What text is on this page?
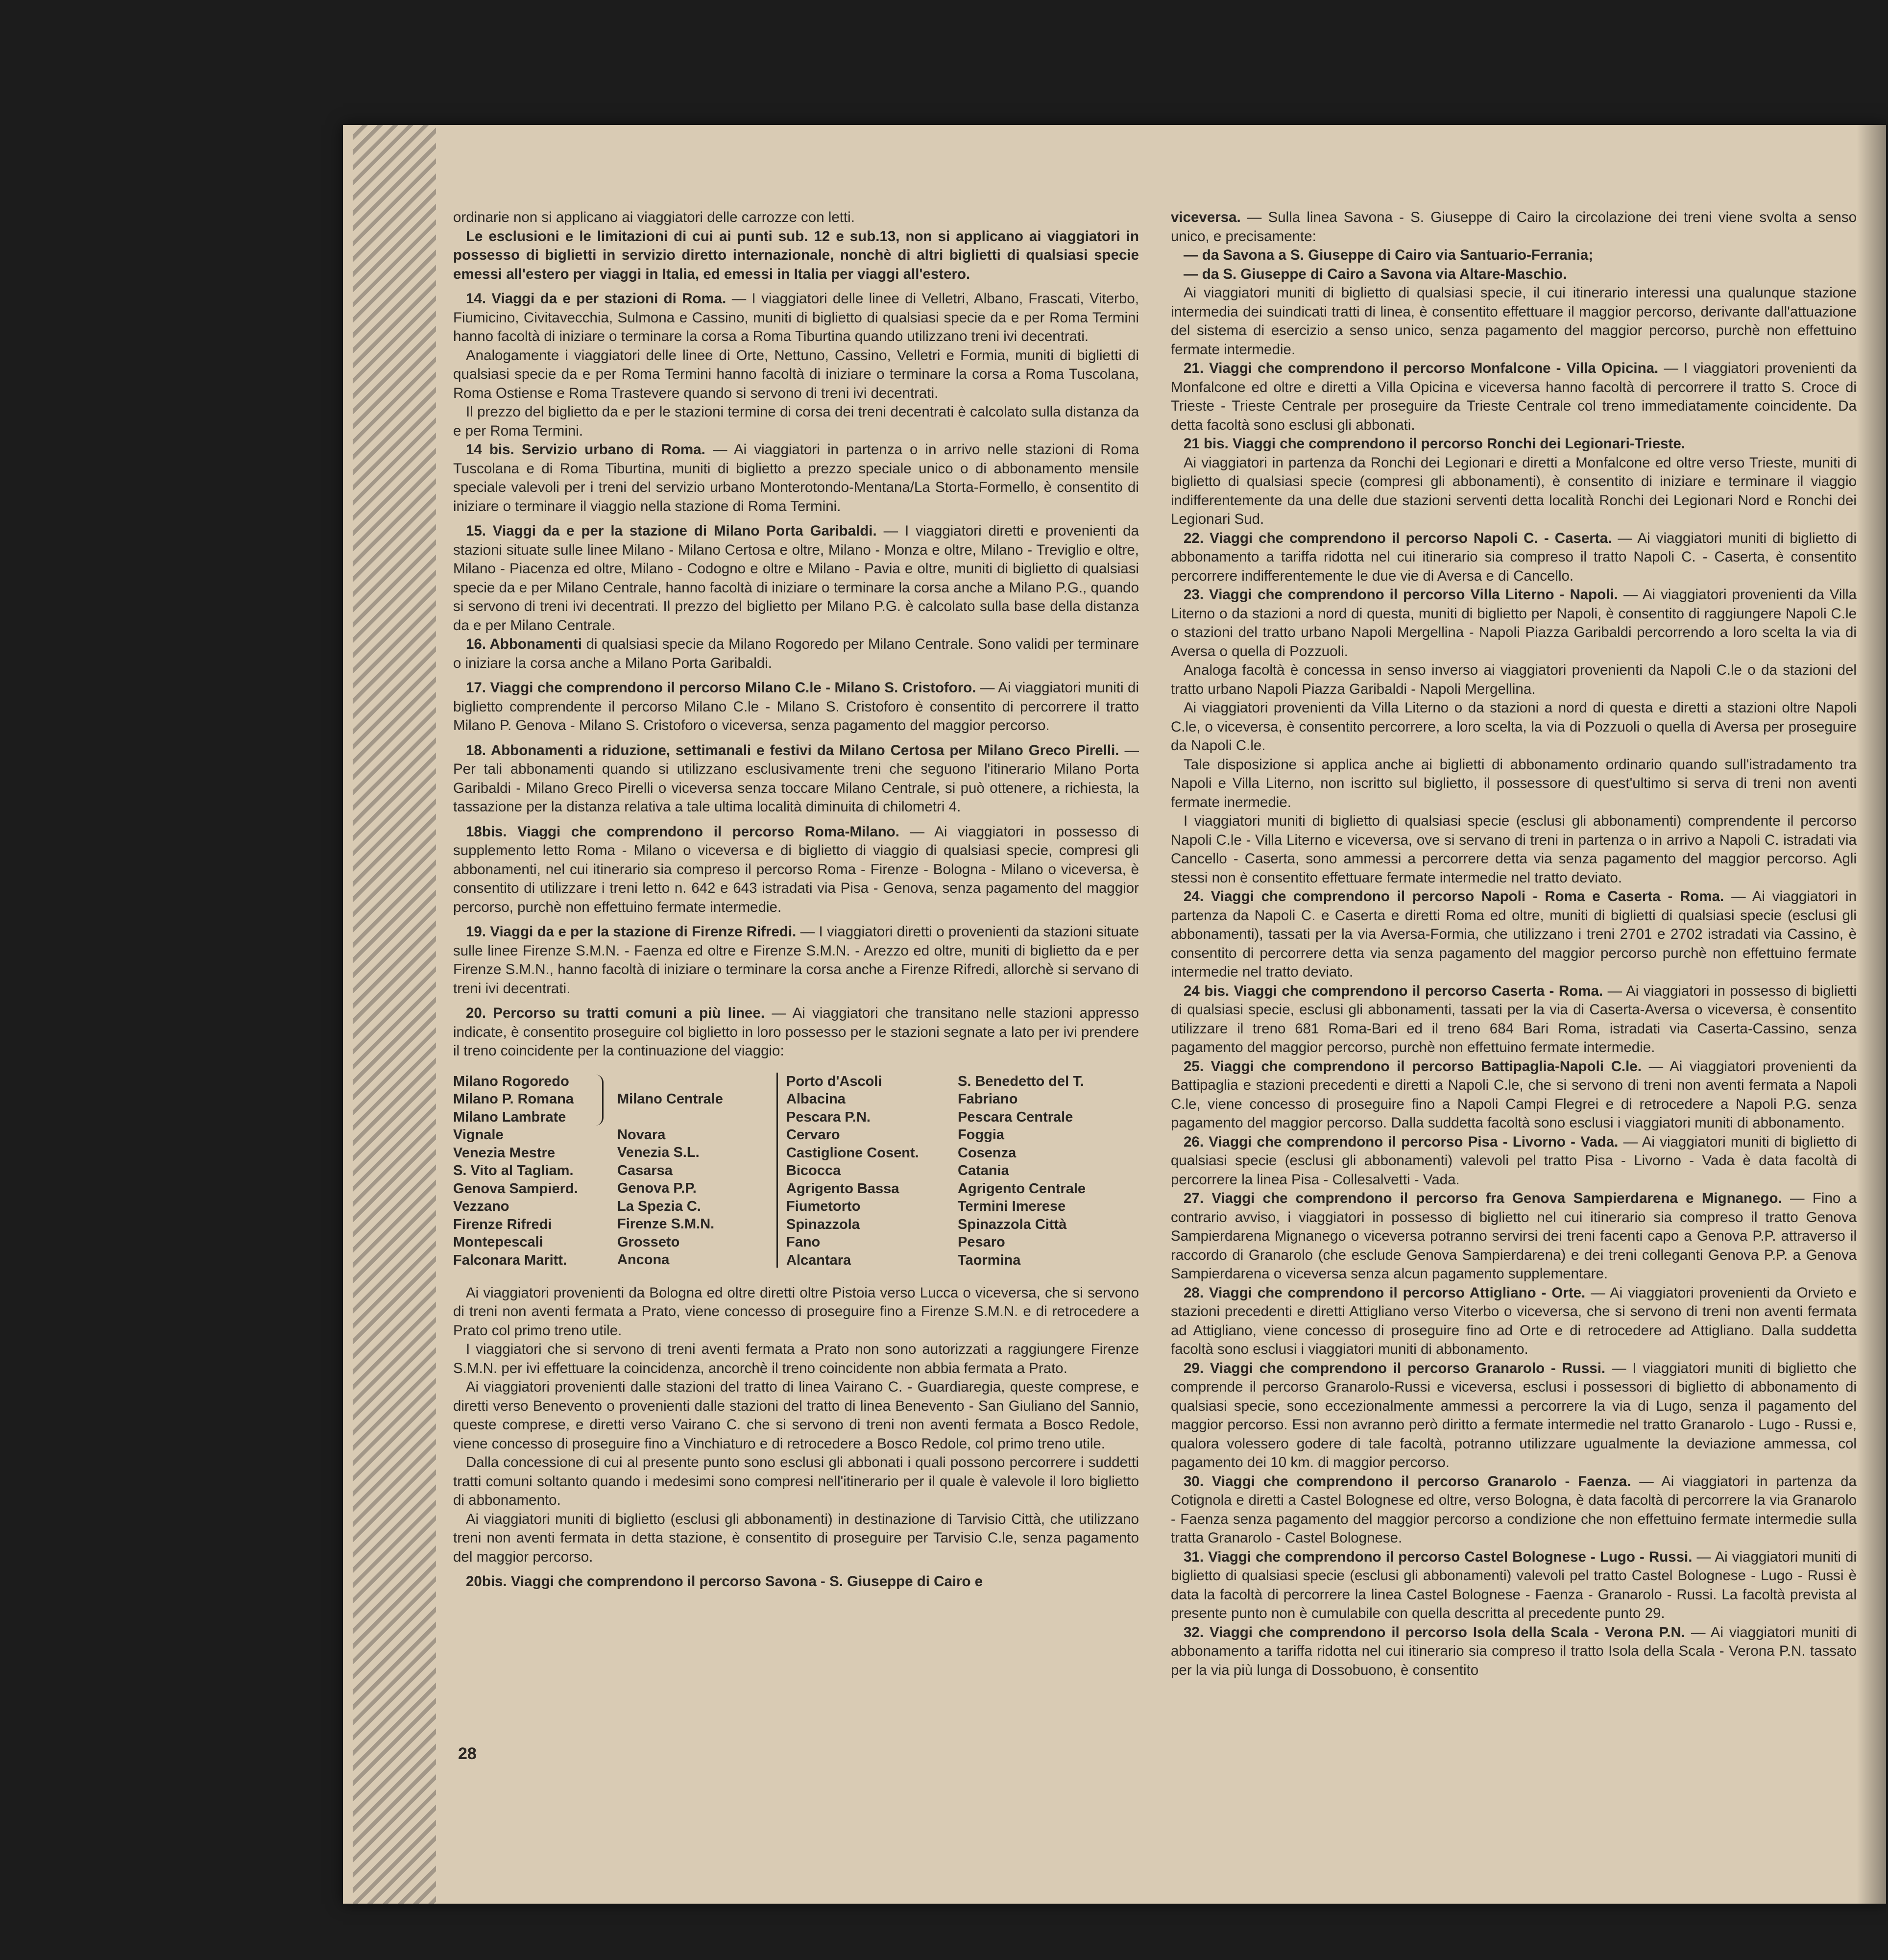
ordinarie non si applicano ai viaggiatori delle carrozze con letti.

Le esclusioni e le limitazioni di cui ai punti sub. 12 e sub.13, non si applicano ai viaggiatori in possesso di biglietti in servizio diretto internazionale, nonchè di altri biglietti di qualsiasi specie emessi all'estero per viaggi in Italia, ed emessi in Italia per viaggi all'estero.

14. Viaggi da e per stazioni di Roma. — I viaggiatori delle linee di Velletri, Albano, Frascati, Viterbo, Fiumicino, Civitavecchia, Sulmona e Cassino, muniti di biglietto di qualsiasi specie da e per Roma Termini hanno facoltà di iniziare o terminare la corsa a Roma Tiburtina quando utilizzano treni ivi decentrati.

Analogamente i viaggiatori delle linee di Orte, Nettuno, Cassino, Velletri e Formia, muniti di biglietti di qualsiasi specie da e per Roma Termini hanno facoltà di iniziare o terminare la corsa a Roma Tuscolana, Roma Ostiense e Roma Trastevere quando si servono di treni ivi decentrati.

Il prezzo del biglietto da e per le stazioni termine di corsa dei treni decentrati è calcolato sulla distanza da e per Roma Termini.

14 bis. Servizio urbano di Roma. — Ai viaggiatori in partenza o in arrivo nelle stazioni di Roma Tuscolana e di Roma Tiburtina, muniti di biglietto a prezzo speciale unico o di abbonamento mensile speciale valevoli per i treni del servizio urbano Monterotondo-Mentana/La Storta-Formello, è consentito di iniziare o terminare il viaggio nella stazione di Roma Termini.

15. Viaggi da e per la stazione di Milano Porta Garibaldi. — I viaggiatori diretti e provenienti da stazioni situate sulle linee Milano - Milano Certosa e oltre, Milano - Monza e oltre, Milano - Treviglio e oltre, Milano - Piacenza ed oltre, Milano - Codogno e oltre e Milano - Pavia e oltre, muniti di biglietto di qualsiasi specie da e per Milano Centrale, hanno facoltà di iniziare o terminare la corsa anche a Milano P.G., quando si servono di treni ivi decentrati. Il prezzo del biglietto per Milano P.G. è calcolato sulla base della distanza da e per Milano Centrale.

16. Abbonamenti di qualsiasi specie da Milano Rogoredo per Milano Centrale. Sono validi per terminare o iniziare la corsa anche a Milano Porta Garibaldi.

17. Viaggi che comprendono il percorso Milano C.le - Milano S. Cristoforo. — Ai viaggiatori muniti di biglietto comprendente il percorso Milano C.le - Milano S. Cristoforo è consentito di percorrere il tratto Milano P. Genova - Milano S. Cristoforo o viceversa, senza pagamento del maggior percorso.

18. Abbonamenti a riduzione, settimanali e festivi da Milano Certosa per Milano Greco Pirelli. — Per tali abbonamenti quando si utilizzano esclusivamente treni che seguono l'itinerario Milano Porta Garibaldi - Milano Greco Pirelli o viceversa senza toccare Milano Centrale, si può ottenere, a richiesta, la tassazione per la distanza relativa a tale ultima località diminuita di chilometri 4.

18bis. Viaggi che comprendono il percorso Roma-Milano. — Ai viaggiatori in possesso di supplemento letto Roma - Milano o viceversa e di biglietto di viaggio di qualsiasi specie, compresi gli abbonamenti, nel cui itinerario sia compreso il percorso Roma - Firenze - Bologna - Milano o viceversa, è consentito di utilizzare i treni letto n. 642 e 643 istradati via Pisa - Genova, senza pagamento del maggior percorso, purchè non effettuino fermate intermedie.

19. Viaggi da e per la stazione di Firenze Rifredi. — I viaggiatori diretti o provenienti da stazioni situate sulle linee Firenze S.M.N. - Faenza ed oltre e Firenze S.M.N. - Arezzo ed oltre, muniti di biglietto da e per Firenze S.M.N., hanno facoltà di iniziare o terminare la corsa anche a Firenze Rifredi, allorchè si servano di treni ivi decentrati.

20. Percorso su tratti comuni a più linee. — Ai viaggiatori che transitano nelle stazioni appresso indicate, è consentito proseguire col biglietto in loro possesso per le stazioni segnate a lato per ivi prendere il treno coincidente per la continuazione del viaggio:

Milano Rogoredo
Milano P. Romana
Milano Lambrate
Vignale
Venezia Mestre
S. Vito al Tagliam.
Genova Sampierd.
Vezzano
Firenze Rifredi
Montepescali
Falconara Maritt.
Milano Centrale
Novara
Venezia S.L.
Casarsa
Genova P.P.
La Spezia C.
Firenze S.M.N.
Grosseto
Ancona
Porto d'Ascoli
Albacina
Pescara P.N.
Cervaro
Castiglione Cosent.
Bicocca
Agrigento Bassa
Fiumetorto
Spinazzola
Fano
Alcantara
S. Benedetto del T.
Fabriano
Pescara Centrale
Foggia
Cosenza
Catania
Agrigento Centrale
Termini Imerese
Spinazzola Città
Pesaro
Taormina

Ai viaggiatori provenienti da Bologna ed oltre diretti oltre Pistoia verso Lucca o viceversa, che si servono di treni non aventi fermata a Prato, viene concesso di proseguire fino a Firenze S.M.N. e di retrocedere a Prato col primo treno utile.

I viaggiatori che si servono di treni aventi fermata a Prato non sono autorizzati a raggiungere Firenze S.M.N. per ivi effettuare la coincidenza, ancorchè il treno coincidente non abbia fermata a Prato.

Ai viaggiatori provenienti dalle stazioni del tratto di linea Vairano C. - Guardiaregia, queste comprese, e diretti verso Benevento o provenienti dalle stazioni del tratto di linea Benevento - San Giuliano del Sannio, queste comprese, e diretti verso Vairano C. che si servono di treni non aventi fermata a Bosco Redole, viene concesso di proseguire fino a Vinchiaturo e di retrocedere a Bosco Redole, col primo treno utile.

Dalla concessione di cui al presente punto sono esclusi gli abbonati i quali possono percorrere i suddetti tratti comuni soltanto quando i medesimi sono compresi nell'itinerario per il quale è valevole il loro biglietto di abbonamento.

Ai viaggiatori muniti di biglietto (esclusi gli abbonamenti) in destinazione di Tarvisio Città, che utilizzano treni non aventi fermata in detta stazione, è consentito di proseguire per Tarvisio C.le, senza pagamento del maggior percorso.

20bis. Viaggi che comprendono il percorso Savona - S. Giuseppe di Cairo e

viceversa. — Sulla linea Savona - S. Giuseppe di Cairo la circolazione dei treni viene svolta a senso unico, e precisamente:

— da Savona a S. Giuseppe di Cairo via Santuario-Ferrania;

— da S. Giuseppe di Cairo a Savona via Altare-Maschio.

Ai viaggiatori muniti di biglietto di qualsiasi specie, il cui itinerario interessi una qualunque stazione intermedia dei suindicati tratti di linea, è consentito effettuare il maggior percorso, derivante dall'attuazione del sistema di esercizio a senso unico, senza pagamento del maggior percorso, purchè non effettuino fermate intermedie.

21. Viaggi che comprendono il percorso Monfalcone - Villa Opicina. — I viaggiatori provenienti da Monfalcone ed oltre e diretti a Villa Opicina e viceversa hanno facoltà di percorrere il tratto S. Croce di Trieste - Trieste Centrale per proseguire da Trieste Centrale col treno immediatamente coincidente. Da detta facoltà sono esclusi gli abbonati.

21 bis. Viaggi che comprendono il percorso Ronchi dei Legionari-Trieste.

Ai viaggiatori in partenza da Ronchi dei Legionari e diretti a Monfalcone ed oltre verso Trieste, muniti di biglietto di qualsiasi specie (compresi gli abbonamenti), è consentito di iniziare e terminare il viaggio indifferentemente da una delle due stazioni serventi detta località Ronchi dei Legionari Nord e Ronchi dei Legionari Sud.

22. Viaggi che comprendono il percorso Napoli C. - Caserta. — Ai viaggiatori muniti di biglietto di abbonamento a tariffa ridotta nel cui itinerario sia compreso il tratto Napoli C. - Caserta, è consentito percorrere indifferentemente le due vie di Aversa e di Cancello.

23. Viaggi che comprendono il percorso Villa Literno - Napoli. — Ai viaggiatori provenienti da Villa Literno o da stazioni a nord di questa, muniti di biglietto per Napoli, è consentito di raggiungere Napoli C.le o stazioni del tratto urbano Napoli Mergellina - Napoli Piazza Garibaldi percorrendo a loro scelta la via di Aversa o quella di Pozzuoli.

Analoga facoltà è concessa in senso inverso ai viaggiatori provenienti da Napoli C.le o da stazioni del tratto urbano Napoli Piazza Garibaldi - Napoli Mergellina.

Ai viaggiatori provenienti da Villa Literno o da stazioni a nord di questa e diretti a stazioni oltre Napoli C.le, o viceversa, è consentito percorrere, a loro scelta, la via di Pozzuoli o quella di Aversa per proseguire da Napoli C.le.

Tale disposizione si applica anche ai biglietti di abbonamento ordinario quando sull'istradamento tra Napoli e Villa Literno, non iscritto sul biglietto, il possessore di quest'ultimo si serva di treni non aventi fermate inermedie.

I viaggiatori muniti di biglietto di qualsiasi specie (esclusi gli abbonamenti) comprendente il percorso Napoli C.le - Villa Literno e viceversa, ove si servano di treni in partenza o in arrivo a Napoli C. istradati via Cancello - Caserta, sono ammessi a percorrere detta via senza pagamento del maggior percorso. Agli stessi non è consentito effettuare fermate intermedie nel tratto deviato.

24. Viaggi che comprendono il percorso Napoli - Roma e Caserta - Roma. — Ai viaggiatori in partenza da Napoli C. e Caserta e diretti Roma ed oltre, muniti di biglietti di qualsiasi specie (esclusi gli abbonamenti), tassati per la via Aversa-Formia, che utilizzano i treni 2701 e 2702 istradati via Cassino, è consentito di percorrere detta via senza pagamento del maggior percorso purchè non effettuino fermate intermedie nel tratto deviato.

24 bis. Viaggi che comprendono il percorso Caserta - Roma. — Ai viaggiatori in possesso di biglietti di qualsiasi specie, esclusi gli abbonamenti, tassati per la via di Caserta-Aversa o viceversa, è consentito utilizzare il treno 681 Roma-Bari ed il treno 684 Bari Roma, istradati via Caserta-Cassino, senza pagamento del maggior percorso, purchè non effettuino fermate intermedie.

25. Viaggi che comprendono il percorso Battipaglia-Napoli C.le. — Ai viaggiatori provenienti da Battipaglia e stazioni precedenti e diretti a Napoli C.le, che si servono di treni non aventi fermata a Napoli C.le, viene concesso di proseguire fino a Napoli Campi Flegrei e di retrocedere a Napoli P.G. senza pagamento del maggior percorso. Dalla suddetta facoltà sono esclusi i viaggiatori muniti di abbonamento.

26. Viaggi che comprendono il percorso Pisa - Livorno - Vada. — Ai viaggiatori muniti di biglietto di qualsiasi specie (esclusi gli abbonamenti) valevoli pel tratto Pisa - Livorno - Vada è data facoltà di percorrere la linea Pisa - Collesalvetti - Vada.

27. Viaggi che comprendono il percorso fra Genova Sampierdarena e Mignanego. — Fino a contrario avviso, i viaggiatori in possesso di biglietto nel cui itinerario sia compreso il tratto Genova Sampierdarena Mignanego o viceversa potranno servirsi dei treni facenti capo a Genova P.P. attraverso il raccordo di Granarolo (che esclude Genova Sampierdarena) e dei treni colleganti Genova P.P. a Genova Sampierdarena o viceversa senza alcun pagamento supplementare.

28. Viaggi che comprendono il percorso Attigliano - Orte. — Ai viaggiatori provenienti da Orvieto e stazioni precedenti e diretti Attigliano verso Viterbo o viceversa, che si servono di treni non aventi fermata ad Attigliano, viene concesso di proseguire fino ad Orte e di retrocedere ad Attigliano. Dalla suddetta facoltà sono esclusi i viaggiatori muniti di abbonamento.

29. Viaggi che comprendono il percorso Granarolo - Russi. — I viaggiatori muniti di biglietto che comprende il percorso Granarolo-Russi e viceversa, esclusi i possessori di biglietto di abbonamento di qualsiasi specie, sono eccezionalmente ammessi a percorrere la via di Lugo, senza il pagamento del maggior percorso. Essi non avranno però diritto a fermate intermedie nel tratto Granarolo - Lugo - Russi e, qualora volessero godere di tale facoltà, potranno utilizzare ugualmente la deviazione ammessa, col pagamento dei 10 km. di maggior percorso.

30. Viaggi che comprendono il percorso Granarolo - Faenza. — Ai viaggiatori in partenza da Cotignola e diretti a Castel Bolognese ed oltre, verso Bologna, è data facoltà di percorrere la via Granarolo - Faenza senza pagamento del maggior percorso a condizione che non effettuino fermate intermedie sulla tratta Granarolo - Castel Bolognese.

31. Viaggi che comprendono il percorso Castel Bolognese - Lugo - Russi. — Ai viaggiatori muniti di biglietto di qualsiasi specie (esclusi gli abbonamenti) valevoli pel tratto Castel Bolognese - Lugo - Russi è data la facoltà di percorrere la linea Castel Bolognese - Faenza - Granarolo - Russi. La facoltà prevista al presente punto non è cumulabile con quella descritta al precedente punto 29.

32. Viaggi che comprendono il percorso Isola della Scala - Verona P.N. — Ai viaggiatori muniti di abbonamento a tariffa ridotta nel cui itinerario sia compreso il tratto Isola della Scala - Verona P.N. tassato per la via più lunga di Dossobuono, è consentito

28
